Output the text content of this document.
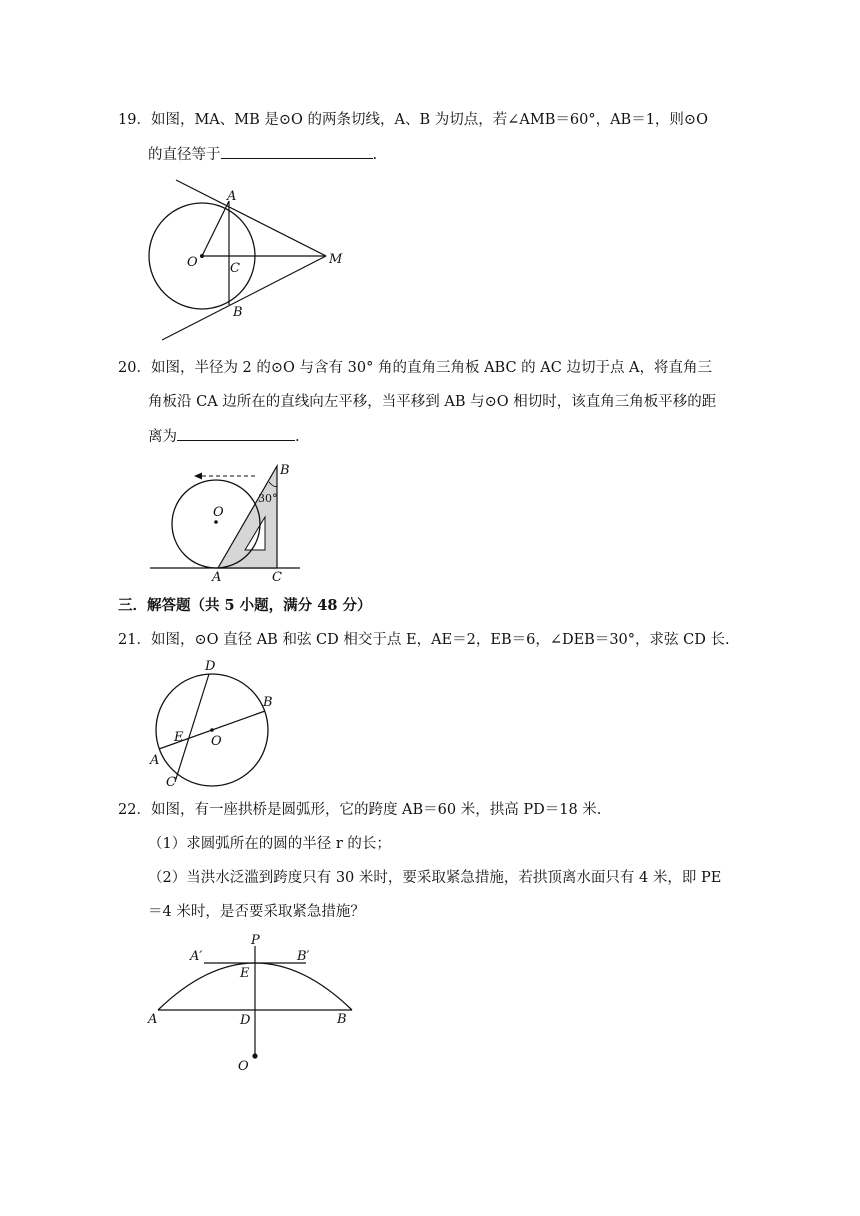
19．如图，MA、MB 是⊙O 的两条切线，A、B 为切点，若∠AMB＝60°，AB＝1，则⊙O
的直径等于	.
A
B
C
O	M
20．如图，半径为 2 的⊙O 与含有 30° 角的直角三角板 ABC 的 AC 边切于点 A，将直角三
角板沿 CA 边所在的直线向左平移，当平移到 AB 与⊙O 相切时，该直角三角板平移的距
离为	.
O
A	C
B
30°
三．解答题（共 5 小题，满分 48 分）
21．如图，⊙O 直径 AB 和弦 CD 相交于点 E，AE＝2，EB＝6，∠DEB＝30°，求弦 CD 长.
D
B
E O
A
C
22．如图，有一座拱桥是圆弧形，它的跨度 AB＝60 米，拱高 PD＝18 米.
（1）求圆弧所在的圆的半径 r 的长；
（2）当洪水泛滥到跨度只有 30 米时，要采取紧急措施，若拱顶离水面只有 4 米，即 PE
＝4 米时，是否要采取紧急措施？
P
A′	B′
E
A	D	B
O
